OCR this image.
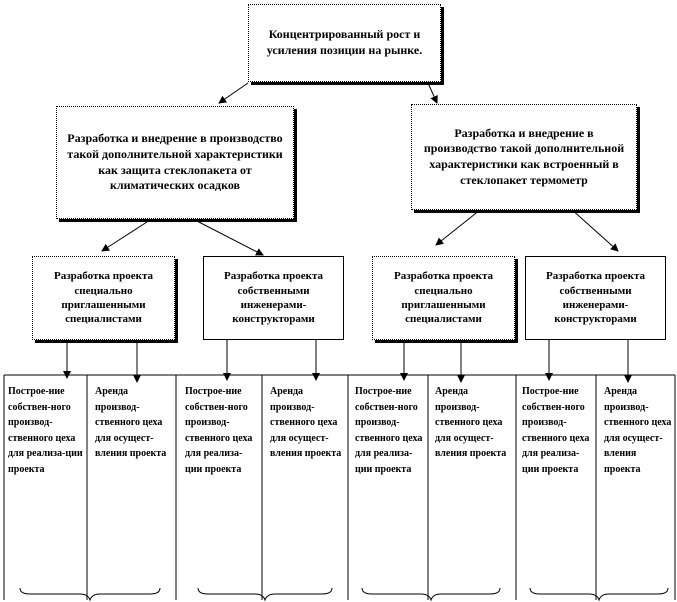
Концентрированный рост и усиления позиции на рынке.
Разработка и внедрение в производство такой дополнительной характеристики как защита стеклопакета от климатических осадков
Разработка и внедрение в производство такой дополнительной характеристики как встроенный в стеклопакет термометр
Разработка проекта специально приглашенными специалистами
Разработка проекта собственными инженерами-конструкторами
Разработка проекта специально приглашенными специалистами
Разработка проекта собственными инженерами-конструкторами
Построе-ние собствен-ного производ-ственного цеха для реализа-ции проекта
Аренда производ-ственного цеха для осущест-вления проекта
Построе-ние собствен-ного производ-ственного цеха для реализа-ции проекта
Аренда производ-ственного цеха для осущест-вления проекта
Построе-ние собствен-ного производ-ственного цеха для реализа-ции проекта
Аренда производ-ственного цеха для осущест-вления проекта
Построе-ние собствен-ного производ-ственного цеха для реализа-ции проекта
Аренда производ-ственного цеха для осущест-вления проекта
